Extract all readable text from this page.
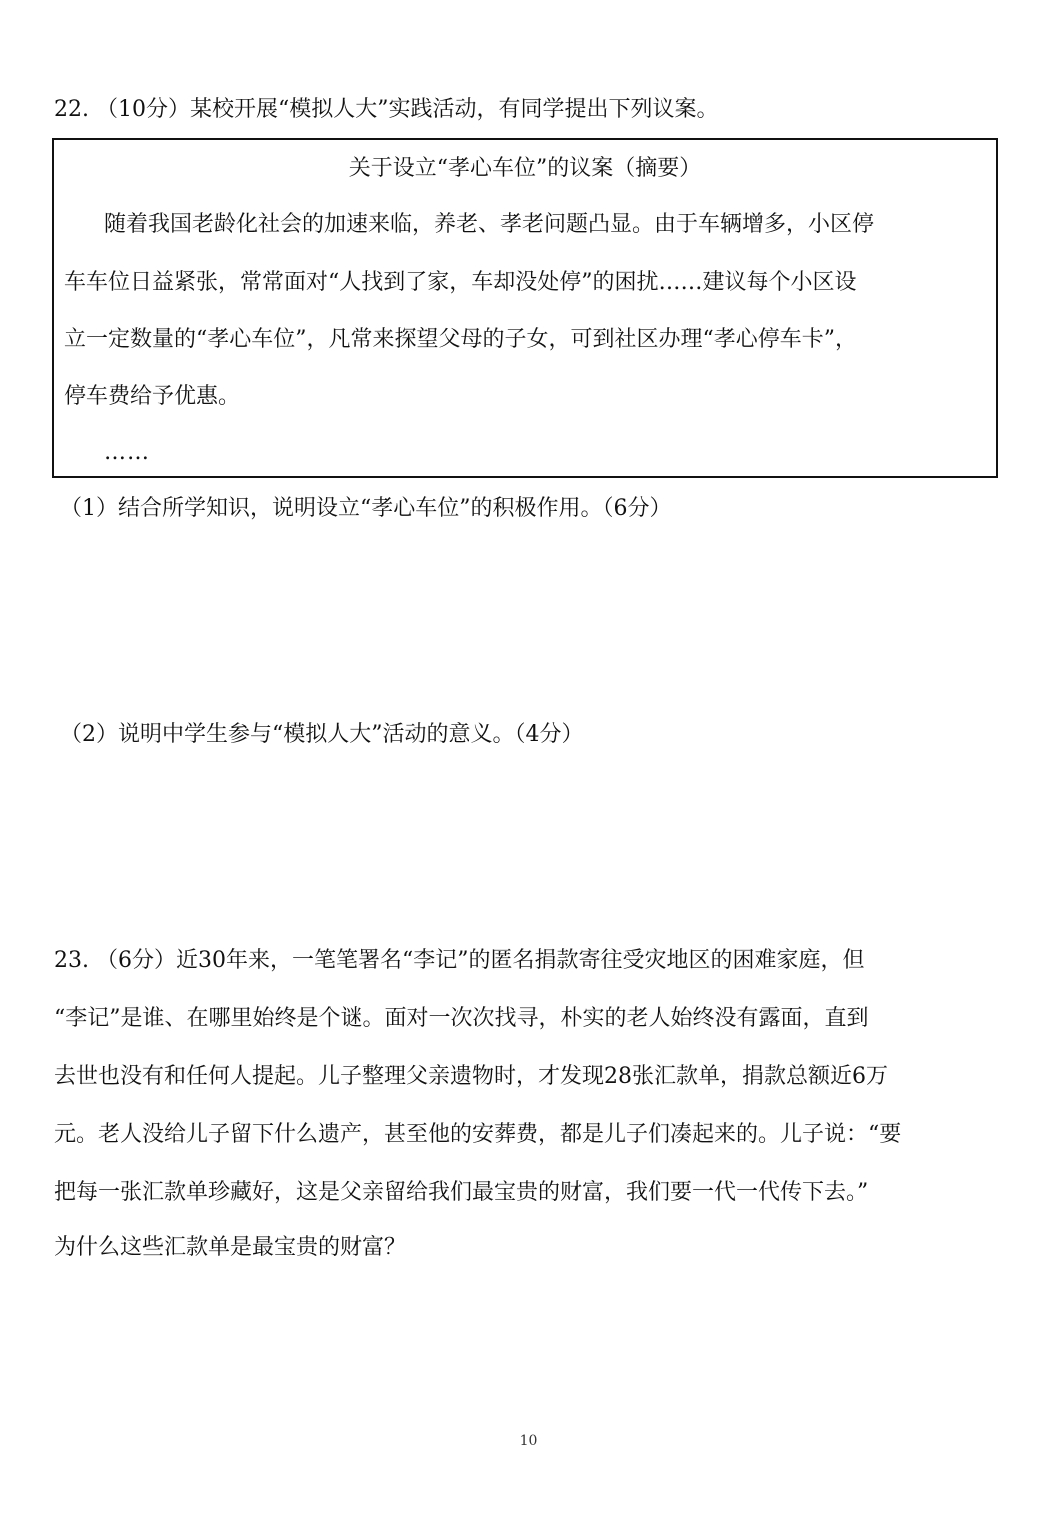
22. （10分）某校开展“模拟人大”实践活动，有同学提出下列议案。
关于设立“孝心车位”的议案（摘要）
随着我国老龄化社会的加速来临，养老、孝老问题凸显。由于车辆增多，小区停
车车位日益紧张，常常面对“人找到了家，车却没处停”的困扰……建议每个小区设
立一定数量的“孝心车位”，凡常来探望父母的子女，可到社区办理“孝心停车卡”，
停车费给予优惠。
……
（1）结合所学知识，说明设立“孝心车位”的积极作用。（6分）
（2）说明中学生参与“模拟人大”活动的意义。（4分）
23. （6分）近30年来，一笔笔署名“李记”的匿名捐款寄往受灾地区的困难家庭，但
“李记”是谁、在哪里始终是个谜。面对一次次找寻，朴实的老人始终没有露面，直到
去世也没有和任何人提起。儿子整理父亲遗物时，才发现28张汇款单，捐款总额近6万
元。老人没给儿子留下什么遗产，甚至他的安葬费，都是儿子们凑起来的。儿子说：“要
把每一张汇款单珍藏好，这是父亲留给我们最宝贵的财富，我们要一代一代传下去。”
为什么这些汇款单是最宝贵的财富？
10
